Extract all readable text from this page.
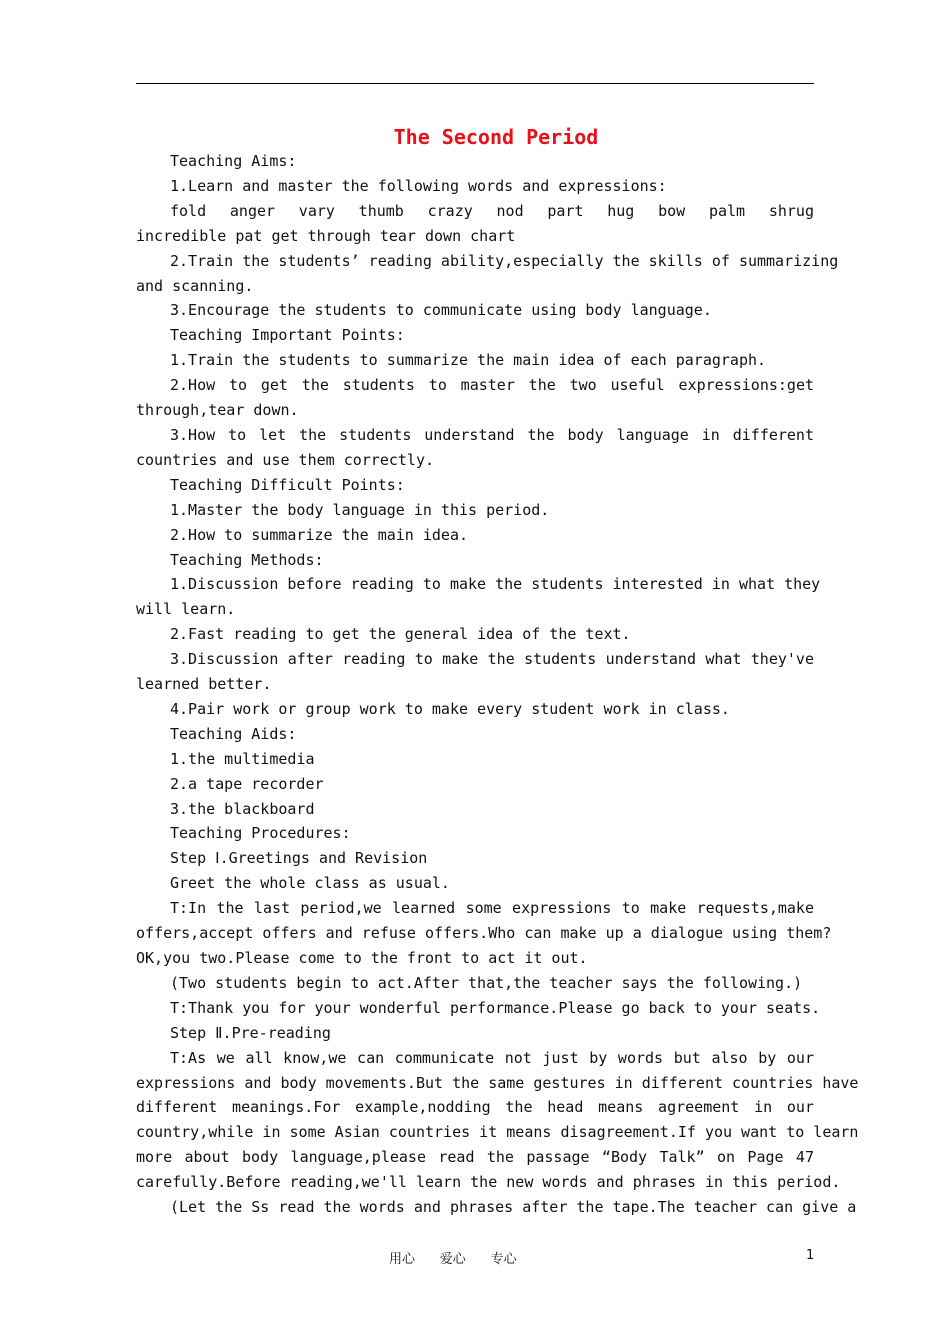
The Second Period
Teaching Aims:
1.Learn and master the following words and expressions:
fold anger vary thumb crazy nod part hug bow palm shrug
incredible pat get through tear down chart
2.Train the students’ reading ability,especially the skills of summarizing
and scanning.
3.Encourage the students to communicate using body language.
Teaching Important Points:
1.Train the students to summarize the main idea of each paragraph.
2.How to get the students to master the two useful expressions:get
through,tear down.
3.How to let the students understand the body language in different
countries and use them correctly.
Teaching Difficult Points:
1.Master the body language in this period.
2.How to summarize the main idea.
Teaching Methods:
1.Discussion before reading to make the students interested in what they
will learn.
2.Fast reading to get the general idea of the text.
3.Discussion after reading to make the students understand what they've
learned better.
4.Pair work or group work to make every student work in class.
Teaching Aids:
1.the multimedia
2.a tape recorder
3.the blackboard
Teaching Procedures:
Step Ⅰ.Greetings and Revision
Greet the whole class as usual.
T:In the last period,we learned some expressions to make requests,make
offers,accept offers and refuse offers.Who can make up a dialogue using them?
OK,you two.Please come to the front to act it out.
(Two students begin to act.After that,the teacher says the following.)
T:Thank you for your wonderful performance.Please go back to your seats.
Step Ⅱ.Pre-reading
T:As we all know,we can communicate not just by words but also by our
expressions and body movements.But the same gestures in different countries have
different meanings.For example,nodding the head means agreement in our
country,while in some Asian countries it means disagreement.If you want to learn
more about body language,please read the passage “Body Talk” on Page 47
carefully.Before reading,we'll learn the new words and phrases in this period.
(Let the Ss read the words and phrases after the tape.The teacher can give a
用心      爱心      专心	1
